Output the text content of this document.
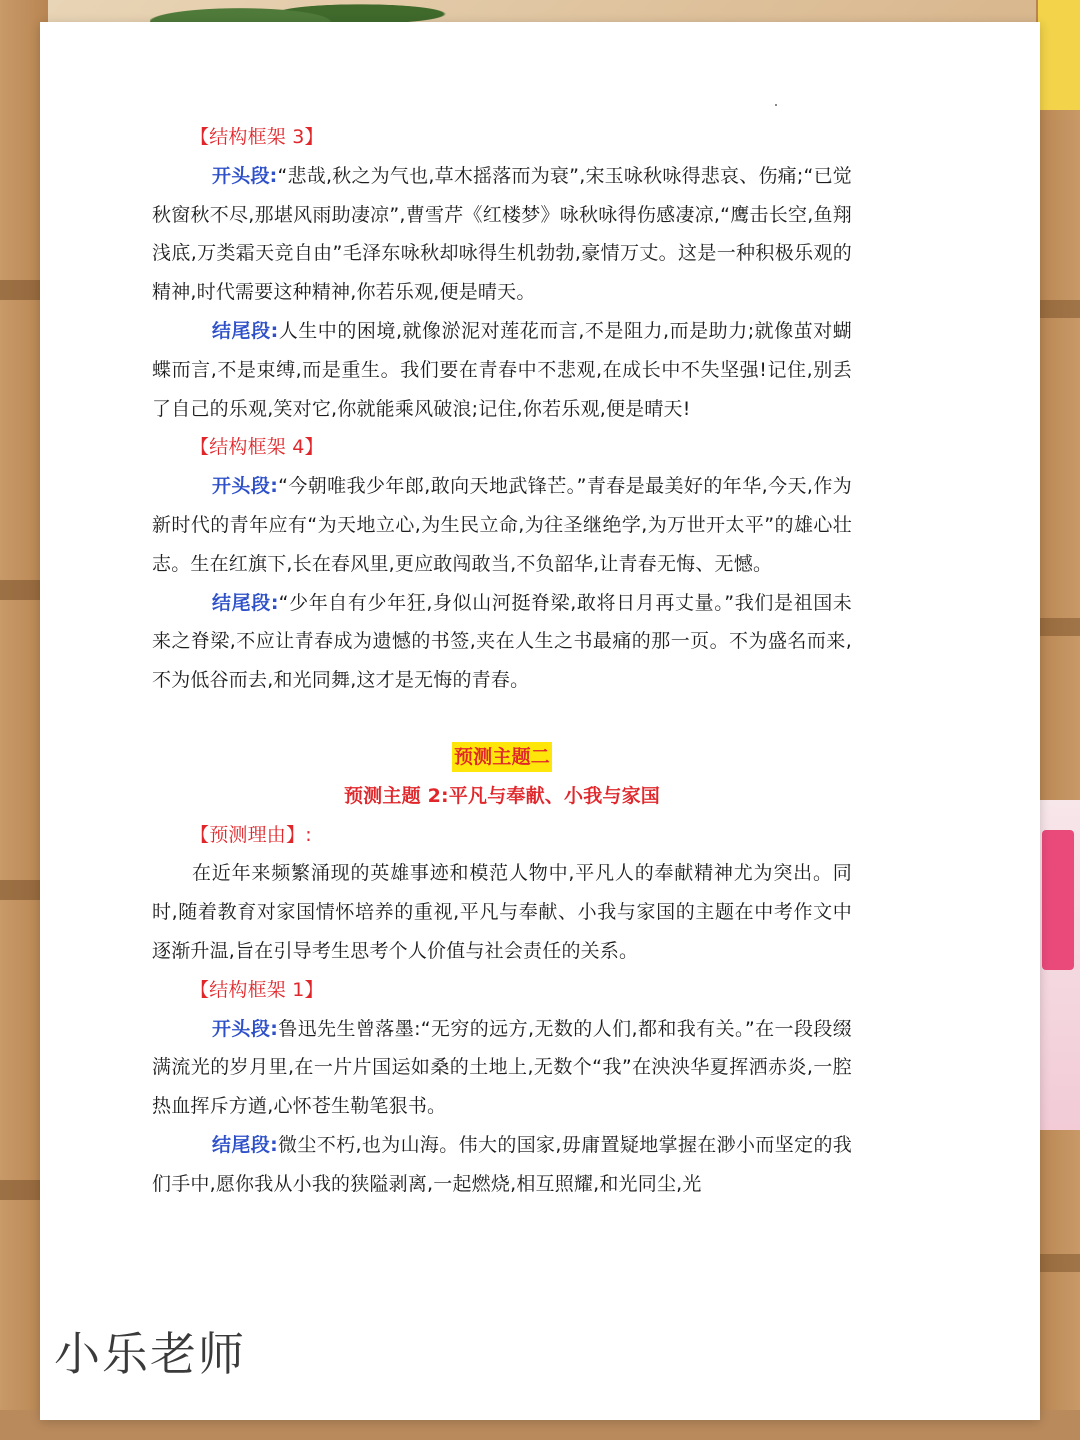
【结构框架 3】

开头段:“悲哉,秋之为气也,草木摇落而为衰”,宋玉咏秋咏得悲哀、伤痛;“已觉秋窗秋不尽,那堪风雨助凄凉”,曹雪芹《红楼梦》咏秋咏得伤感凄凉,“鹰击长空,鱼翔浅底,万类霜天竞自由”毛泽东咏秋却咏得生机勃勃,豪情万丈。这是一种积极乐观的精神,时代需要这种精神,你若乐观,便是晴天。

结尾段:人生中的困境,就像淤泥对莲花而言,不是阻力,而是助力;就像茧对蝴蝶而言,不是束缚,而是重生。我们要在青春中不悲观,在成长中不失坚强!记住,别丢了自己的乐观,笑对它,你就能乘风破浪;记住,你若乐观,便是晴天!

【结构框架 4】

开头段:“今朝唯我少年郎,敢向天地武锋芒。”青春是最美好的年华,今天,作为新时代的青年应有“为天地立心,为生民立命,为往圣继绝学,为万世开太平”的雄心壮志。生在红旗下,长在春风里,更应敢闯敢当,不负韶华,让青春无悔、无憾。

结尾段:“少年自有少年狂,身似山河挺脊梁,敢将日月再丈量。”我们是祖国未来之脊梁,不应让青春成为遗憾的书签,夹在人生之书最痛的那一页。不为盛名而来,不为低谷而去,和光同舞,这才是无悔的青春。

预测主题二

预测主题 2:平凡与奉献、小我与家国

【预测理由】:

在近年来频繁涌现的英雄事迹和模范人物中,平凡人的奉献精神尤为突出。同时,随着教育对家国情怀培养的重视,平凡与奉献、小我与家国的主题在中考作文中逐渐升温,旨在引导考生思考个人价值与社会责任的关系。

【结构框架 1】

开头段:鲁迅先生曾落墨:“无穷的远方,无数的人们,都和我有关。”在一段段缀满流光的岁月里,在一片片国运如桑的土地上,无数个“我”在泱泱华夏挥洒赤炎,一腔热血挥斥方遒,心怀苍生勒笔狠书。

结尾段:微尘不朽,也为山海。伟大的国家,毋庸置疑地掌握在渺小而坚定的我们手中,愿你我从小我的狭隘剥离,一起燃烧,相互照耀,和光同尘,光

小乐老师
